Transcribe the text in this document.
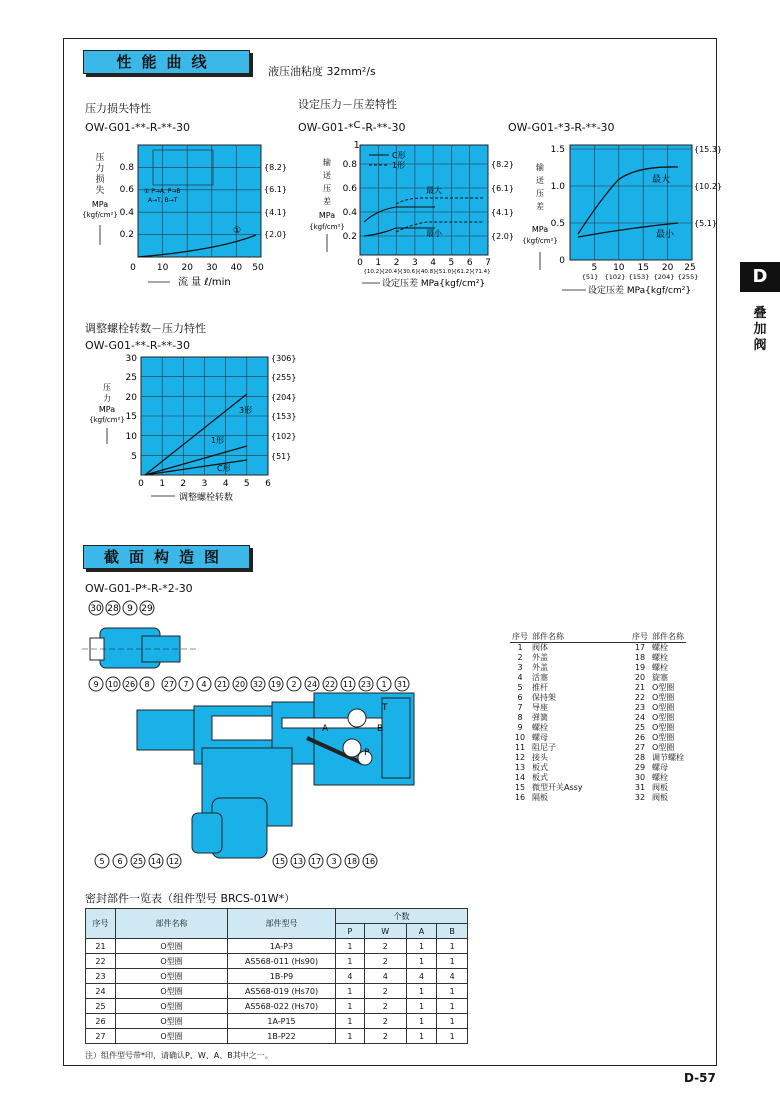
性能曲线
液压油粘度 32mm²/s
D
叠加阀
压力损失特性
OW-G01-**-R-**-30
①
① P→A, P→B
A→T, B→T
0.8
0.6
0.4
0.2
{8.2}
{6.1}
{4.1}
{2.0}
0 10 20 30 40 50
压
力
损
失
MPa
{kgf/cm²}
流 量 ℓ/min
设定压力－压差特性
OW-G01-* C
1
-R-**-30
C形
1形
最大
最小
0.8
0.6
0.4
0.2
{8.2}
{6.1}
{4.1}
{2.0}
0 1 2 3 4 5 6 7
{10.2}
{20.4}
{30.6}
{40.8}
{51.0}
{61.2}
{71.4}
输
送
压
差
MPa
{kgf/cm²}
设定压差 MPa{kgf/cm²}
OW-G01-*3-R-**-30
最大
最小
1.5
1.0
0.5
0
{15.3}
{10.2}
{5.1}
5 10 15 20 25
{51} {102} {153} {204} {255}
输
送
压
差
MPa
{kgf/cm²}
设定压差 MPa{kgf/cm²}
调整螺栓转数－压力特性
OW-G01-**-R-**-30
3形
1形
C形
30
25
20
15
10
5
{306}
{255}
{204}
{153}
{102}
{51}
0 1 2 3 4 5 6
压
力
MPa
{kgf/cm²}
调整螺栓转数
截面构造图
OW-G01-P*-R-*2-30
T
A	B
P
30 28 9 29
9 10 26 8 27 7 4 21 20 32 19 2 24 22 11 23 1 31
5 6 25 14 12	15 13 17 3 18 16
序号	部件名称	序号	部件名称
1	阀体	17	螺栓
2	外盖	18	螺栓
3	外盖	19	螺栓
4	活塞	20	旋塞
5	推杆	21	O型圈
6	保持架	22	O型圈
7	导座	23	O型圈
8	弹簧	24	O型圈
9	螺栓	25	O型圈
10	螺母	26	O型圈
11	阻尼子	27	O型圈
12	接头	28	调节螺栓
13	板式	29	螺母
14	板式	30	螺栓
15	微型开关Assy	31	阀板
16	隔板	32	阀板
密封部件一览表（组件型号 BRCS-01W*）
序号	部件名称	部件型号	个数			
			P	W	A	B
21	O型圈	1A-P3	1	2	1	1
22	O型圈	AS568-011 (Hs90)	1	2	1	1
23	O型圈	1B-P9	4	4	4	4
24	O型圈	AS568-019 (Hs70)	1	2	1	1
25	O型圈	AS568-022 (Hs70)	1	2	1	1
26	O型圈	1A-P15	1	2	1	1
27	O型圈	1B-P22	1	2	1	1
注）组件型号带*印，请确认P、W、A、B其中之一。
D-57
